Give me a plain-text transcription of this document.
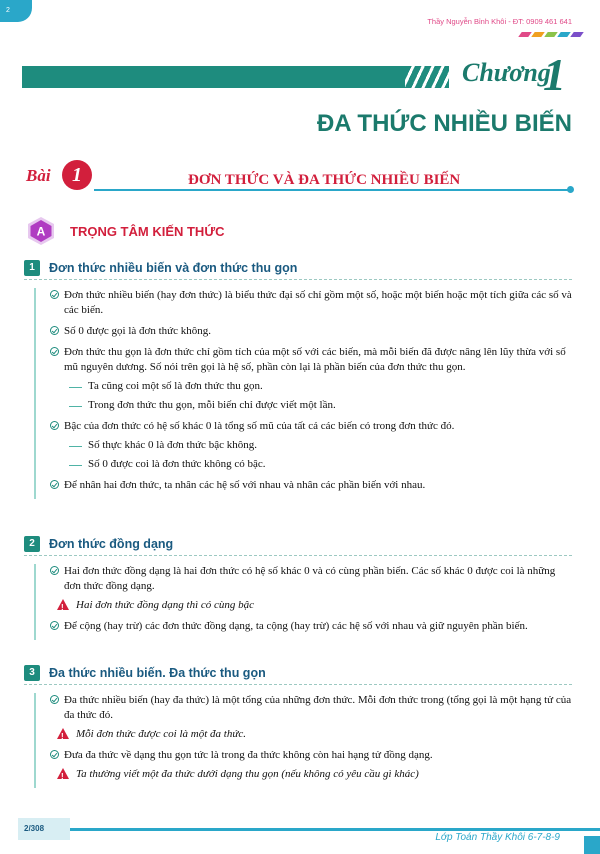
2
Thầy Nguyễn Bỉnh Khôi - ĐT: 0909 461 641
Chương
1
ĐA THỨC NHIỀU BIẾN
Bài	1	ĐƠN THỨC VÀ ĐA THỨC NHIỀU BIẾN
A TRỌNG TÂM KIẾN THỨC
1 Đơn thức nhiều biến và đơn thức thu gọn
Đơn thức nhiều biến (hay đơn thức) là biểu thức đại số chỉ gồm một số, hoặc một biến hoặc một tích giữa các số và các biến.
Số 0 được gọi là đơn thức không.
Đơn thức thu gọn là đơn thức chỉ gồm tích của một số với các biến, mà mỗi biến đã được nâng lên lũy thừa với số mũ nguyên dương. Số nói trên gọi là hệ số, phần còn lại là phần biến của đơn thức thu gọn.
Ta cũng coi một số là đơn thức thu gọn.
Trong đơn thức thu gọn, mỗi biến chỉ được viết một lần.
Bậc của đơn thức có hệ số khác 0 là tổng số mũ của tất cả các biến có trong đơn thức đó.
Số thực khác 0 là đơn thức bậc không.
Số 0 được coi là đơn thức không có bậc.
Để nhân hai đơn thức, ta nhân các hệ số với nhau và nhân các phần biến với nhau.
2 Đơn thức đồng dạng
Hai đơn thức đồng dạng là hai đơn thức có hệ số khác 0 và có cùng phần biến. Các số khác 0 được coi là những đơn thức đồng dạng.
!
Hai đơn thức đồng dạng thì có cùng bậc
Để cộng (hay trừ) các đơn thức đồng dạng, ta cộng (hay trừ) các hệ số với nhau và giữ nguyên phần biến.
3 Đa thức nhiều biến. Đa thức thu gọn
Đa thức nhiều biến (hay đa thức) là một tổng của những đơn thức. Mỗi đơn thức trong (tổng gọi là một hạng tử của đa thức đó.
!
Mỗi đơn thức được coi là một đa thức.
Đưa đa thức về dạng thu gọn tức là trong đa thức không còn hai hạng tử đồng dạng.
!
Ta thường viết một đa thức dưới dạng thu gọn (nếu không có yêu cầu gì khác)
2/308
Lớp Toán Thầy Khôi 6-7-8-9
